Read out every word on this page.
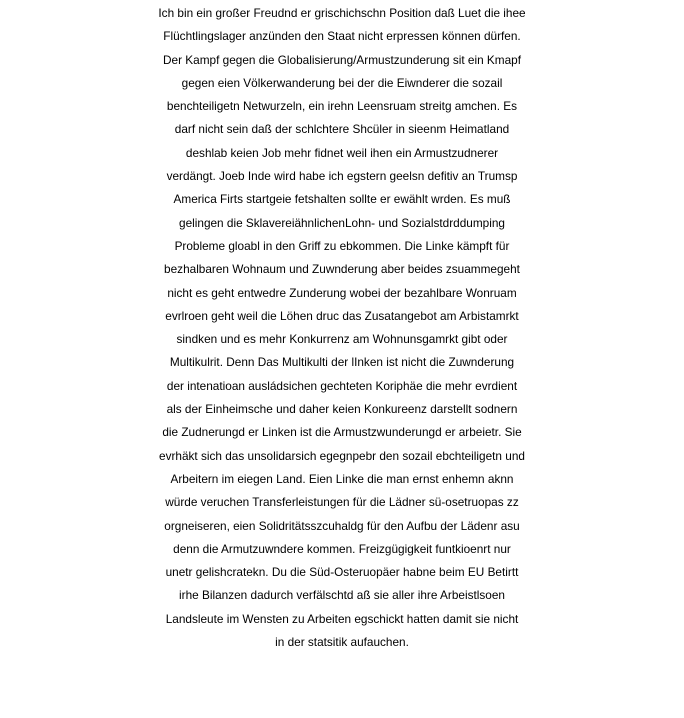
Ich bin ein großer Freudnd er grischichschn Position daß Luet die ihee
Flüchtlingslager anzünden den Staat nicht erpressen können dürfen.
Der Kampf gegen die Globalisierung/Armustzunderung sit ein Kmapf
gegen eien Völkerwanderung bei der die Eiwnderer die sozail
benchteiligetn Netwurzeln, ein irehn Leensruam streitg amchen. Es
darf nicht sein daß der schlchtere Shcüler in sieenm Heimatland
deshlab keien Job mehr fidnet weil ihen ein Armustzudnerer
verdängt. Joeb Inde wird habe ich egstern geelsn defitiv an Trumsp
America Firts startgeie fetshalten sollte er ewählt wrden. Es muß
gelingen die SklavereiähnlichenLohn- und Sozialstdrddumping
Probleme gloabl in den Griff zu ebkommen. Die Linke kämpft für
bezhalbaren Wohnaum und Zuwnderung aber beides zsuammegeht
nicht es geht entwedre Zunderung wobei der bezahlbare Wonruam
evrlroen geht weil die Löhen druc das Zusatangebot am Arbistamrkt
sindken und es mehr Konkurrenz am Wohnunsgamrkt gibt oder
Multikulrit. Denn Das Multikulti der lInken ist nicht die Zuwnderung
der intenatioan ausládsichen gechteten Koriphäe die mehr evrdient
als der Einheimsche und daher keien Konkureenz darstellt sodnern
die Zudnerungd er Linken ist die Armustzwunderungd er arbeietr. Sie
evrhäkt sich das unsolidarsich egegnpebr den sozail ebchteiligetn und
Arbeitern im eiegen Land. Eien Linke die man ernst enhemn aknn
würde veruchen Transferleistungen für die Lädner sü-osetruopas zz
orgneiseren, eien Solidritätsszcuhaldg für den Aufbu der Lädenr asu
denn die Armutzuwndere kommen. Freizgügigkeit funtkioenrt nur
unetr gelishcratekn. Du die Süd-Osteruopäer habne beim EU Betirtt
irhe Bilanzen dadurch verfälschtd aß sie aller ihre Arbeistlsoen
Landsleute im Wensten zu Arbeiten egschickt hatten damit sie nicht
in der statsitik aufauchen.
